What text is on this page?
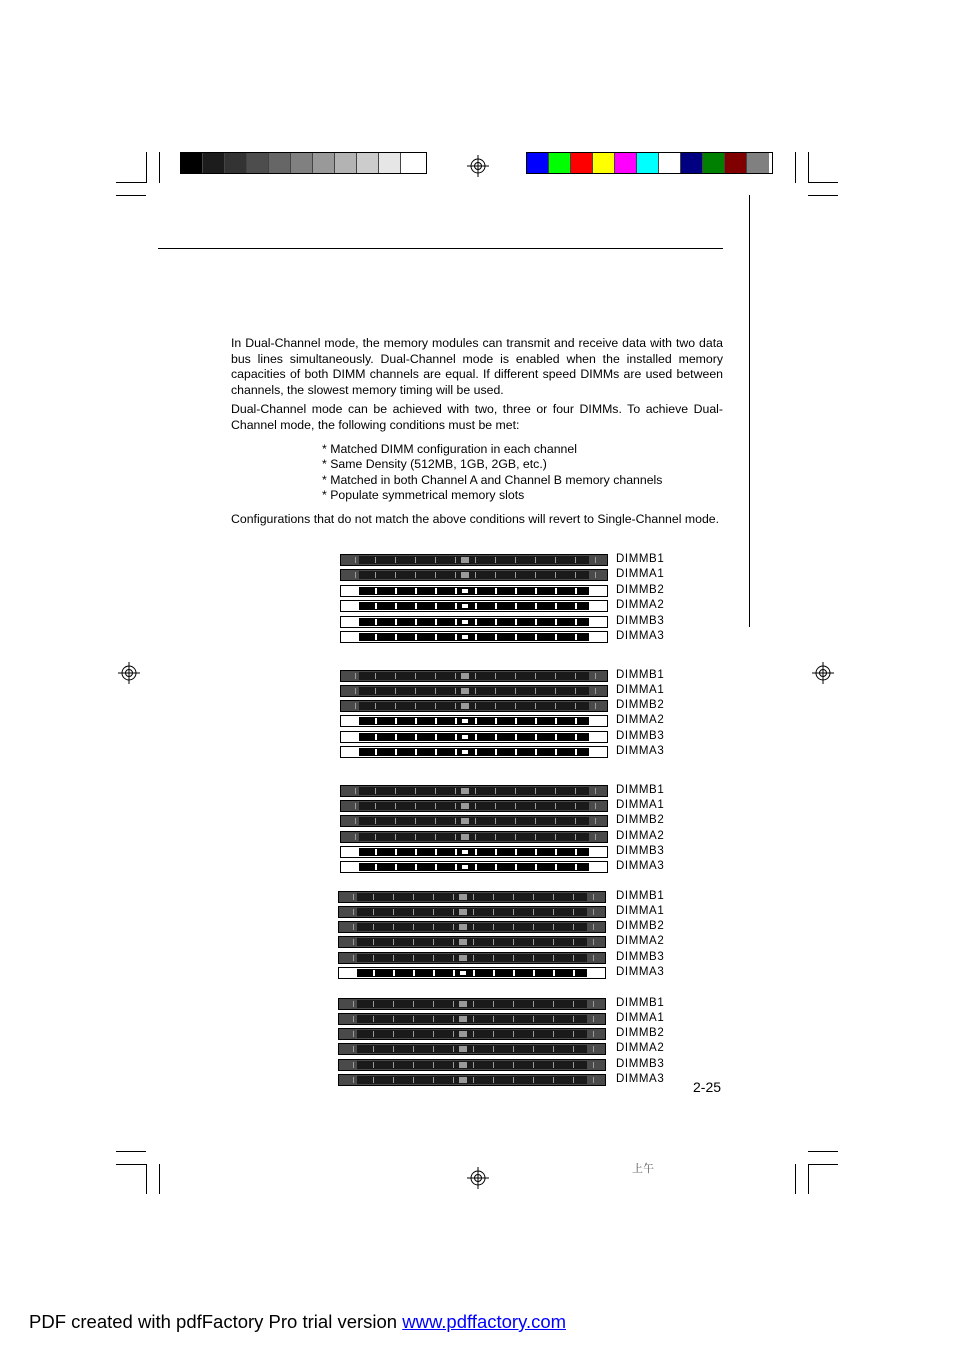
In Dual-Channel mode, the memory modules can transmit and receive data with two data bus lines simultaneously. Dual-Channel mode is enabled when the installed memory capacities of both DIMM channels are equal. If different speed DIMMs are used between channels, the slowest memory timing will be used.
Dual-Channel mode can be achieved with two, three or four DIMMs. To achieve Dual-Channel mode, the following conditions must be met:
* Matched DIMM configuration in each channel
* Same Density (512MB, 1GB, 2GB, etc.)
* Matched in both Channel A and Channel B memory channels
* Populate symmetrical memory slots
Configurations that do not match the above conditions will revert to Single-Channel mode.
DIMMB1
DIMMA1
DIMMB2
DIMMA2
DIMMB3
DIMMA3
DIMMB1
DIMMA1
DIMMB2
DIMMA2
DIMMB3
DIMMA3
DIMMB1
DIMMA1
DIMMB2
DIMMA2
DIMMB3
DIMMA3
DIMMB1
DIMMA1
DIMMB2
DIMMA2
DIMMB3
DIMMA3
DIMMB1
DIMMA1
DIMMB2
DIMMA2
DIMMB3
DIMMA3 2-25
上午
PDF created with pdfFactory Pro trial version www.pdffactory.com
